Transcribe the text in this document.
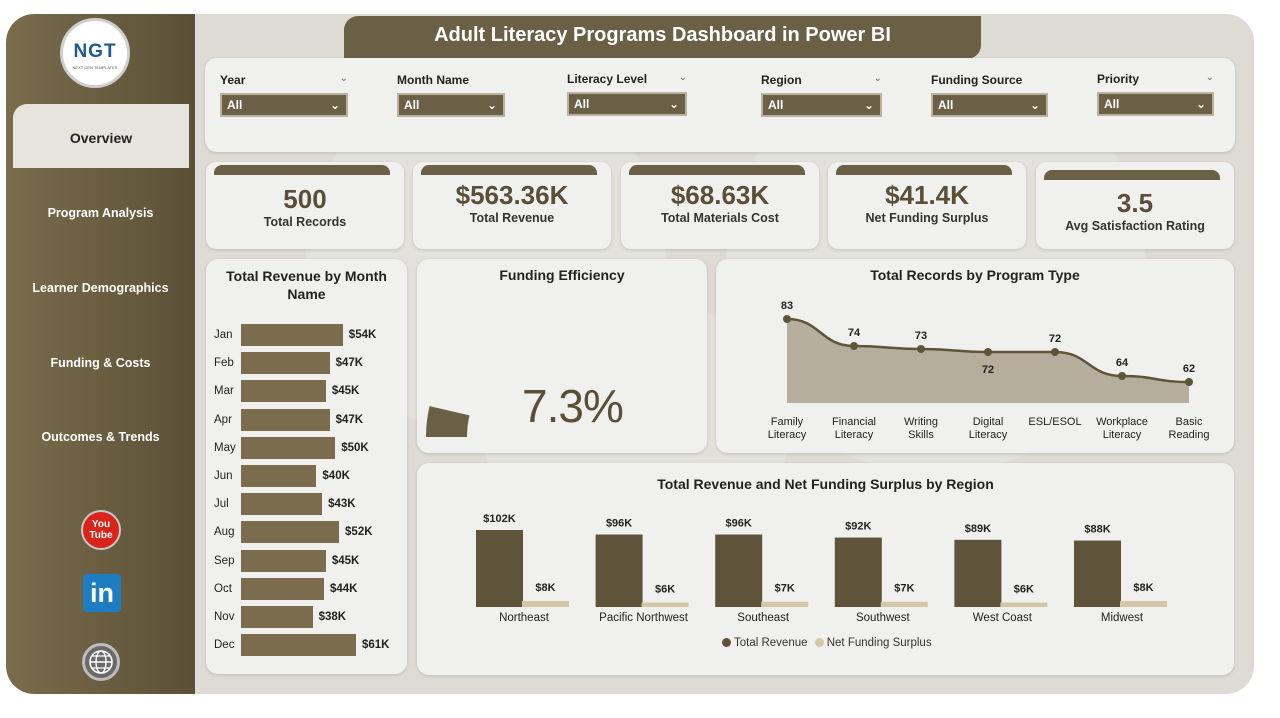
NGT
NEXT GEN TEMPLATES
Overview
Program Analysis
Learner Demographics
Funding & Costs
Outcomes & Trends
You Tube
in
Adult Literacy Programs Dashboard in Power BI
Year	⌄
All	⌄
Month Name
All	⌄
Literacy Level	⌄
All	⌄
Region	⌄
All	⌄
Funding Source
All	⌄
Priority	⌄
All	⌄
500
Total Records
$563.36K
Total Revenue
$68.63K
Total Materials Cost
$41.4K
Net Funding Surplus	3.5
Avg Satisfaction Rating
Total Revenue by Month Name
Jan	$54K
Feb	$47K
Mar	$45K
Apr	$47K
May	$50K
Jun	$40K
Jul	$43K
Aug	$52K
Sep	$45K
Oct	$44K
Nov	$38K
Dec	$61K
Funding Efficiency
7.3%
Total Records by Program Type
83
Family
Literacy
74
Financial
Literacy
73
Writing
Skills
72
Digital
Literacy
72
ESL/ESOL
64
Workplace
Literacy
62
Basic
Reading
Total Revenue and Net Funding Surplus by Region
$102K
$8K
Northeast
$96K
$6K
Pacific Northwest
$96K
$7K
Southeast
$92K
$7K
Southwest
$89K
$6K
West Coast
$88K
$8K
Midwest
Total Revenue Net Funding Surplus
